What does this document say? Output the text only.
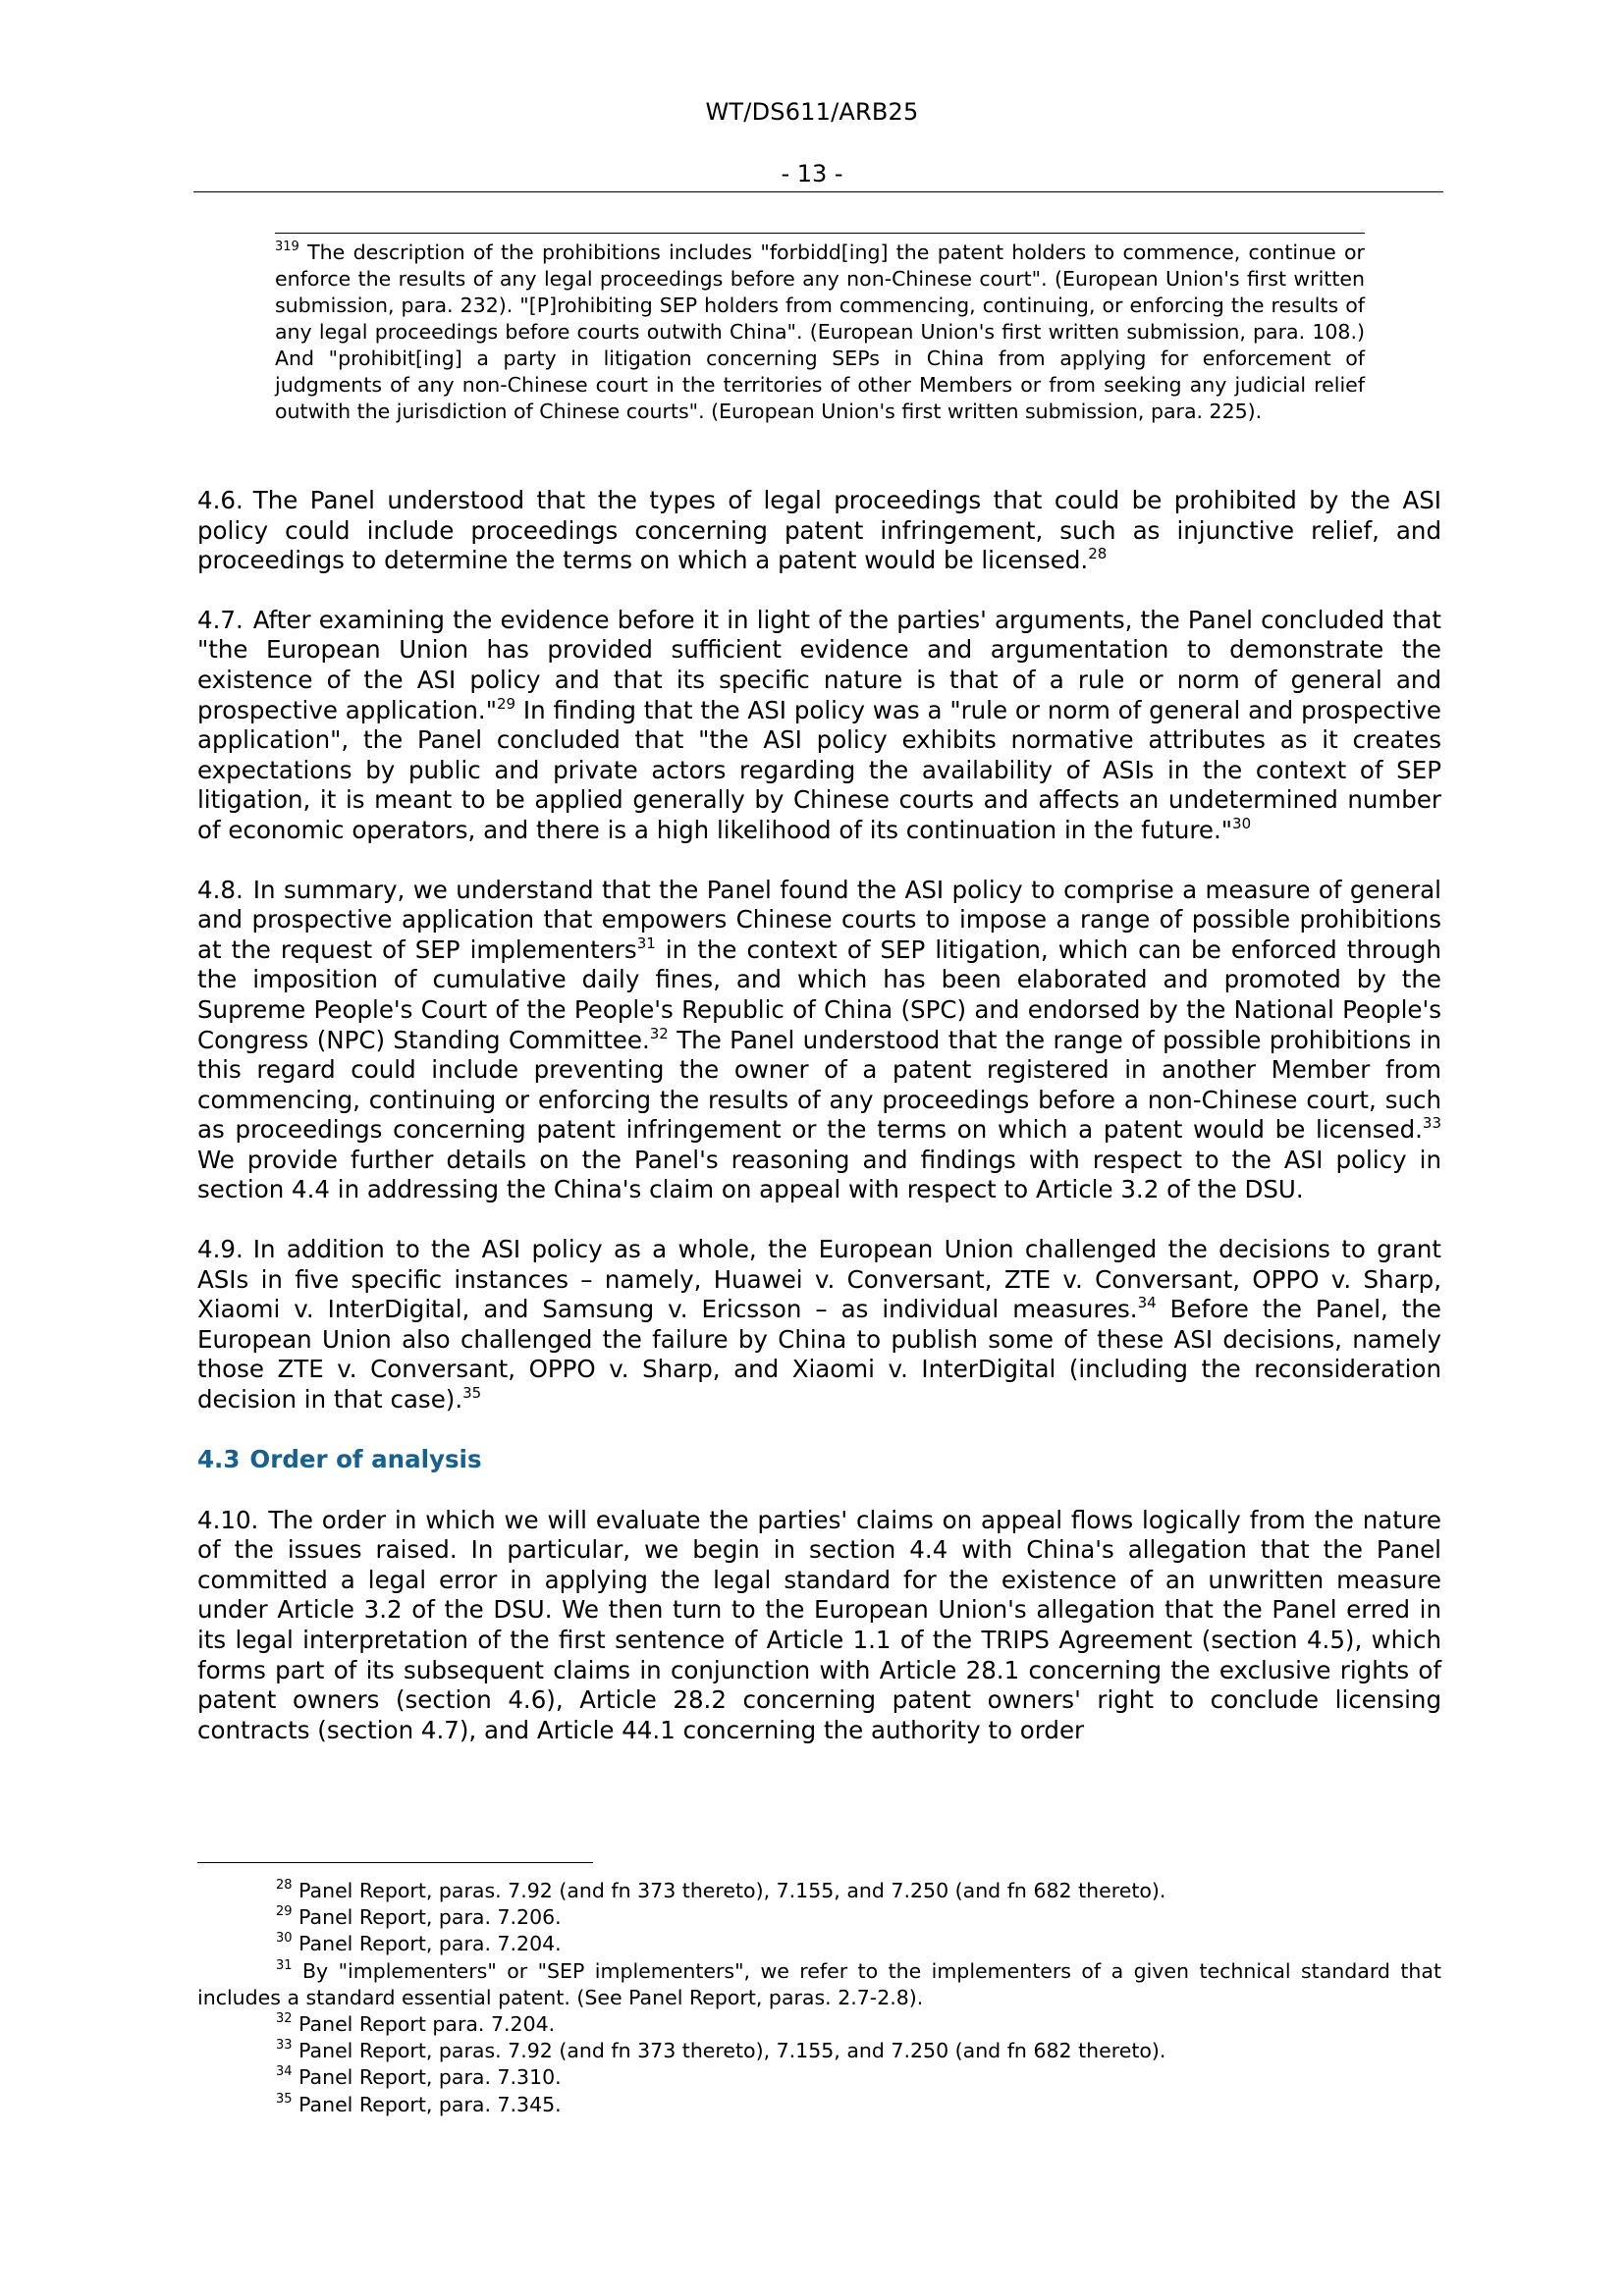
WT/DS611/ARB25
- 13 -
$^{319}$ The description of the prohibitions includes "forbidd[ing] the patent holders to commence, continue or enforce the results of any legal proceedings before any non-Chinese court". (European Union's first written submission, para. 232). "[P]rohibiting SEP holders from commencing, continuing, or enforcing the results of any legal proceedings before courts outwith China". (European Union's first written submission, para. 108.) And "prohibit[ing] a party in litigation concerning SEPs in China from applying for enforcement of judgments of any non-Chinese court in the territories of other Members or from seeking any judicial relief outwith the jurisdiction of Chinese courts". (European Union's first written submission, para. 225).

4.6. The Panel understood that the types of legal proceedings that could be prohibited by the ASI policy could include proceedings concerning patent infringement, such as injunctive relief, and proceedings to determine the terms on which a patent would be licensed.$^{28}$

4.7. After examining the evidence before it in light of the parties' arguments, the Panel concluded that "the European Union has provided sufficient evidence and argumentation to demonstrate the existence of the ASI policy and that its specific nature is that of a rule or norm of general and prospective application."$^{29}$ In finding that the ASI policy was a "rule or norm of general and prospective application", the Panel concluded that "the ASI policy exhibits normative attributes as it creates expectations by public and private actors regarding the availability of ASIs in the context of SEP litigation, it is meant to be applied generally by Chinese courts and affects an undetermined number of economic operators, and there is a high likelihood of its continuation in the future."$^{30}$

4.8. In summary, we understand that the Panel found the ASI policy to comprise a measure of general and prospective application that empowers Chinese courts to impose a range of possible prohibitions at the request of SEP implementers$^{31}$ in the context of SEP litigation, which can be enforced through the imposition of cumulative daily fines, and which has been elaborated and promoted by the Supreme People's Court of the People's Republic of China (SPC) and endorsed by the National People's Congress (NPC) Standing Committee.$^{32}$ The Panel understood that the range of possible prohibitions in this regard could include preventing the owner of a patent registered in another Member from commencing, continuing or enforcing the results of any proceedings before a non-Chinese court, such as proceedings concerning patent infringement or the terms on which a patent would be licensed.$^{33}$ We provide further details on the Panel's reasoning and findings with respect to the ASI policy in section 4.4 in addressing the China's claim on appeal with respect to Article 3.2 of the DSU.

4.9. In addition to the ASI policy as a whole, the European Union challenged the decisions to grant ASIs in five specific instances – namely, Huawei v. Conversant, ZTE v. Conversant, OPPO v. Sharp, Xiaomi v. InterDigital, and Samsung v. Ericsson – as individual measures.$^{34}$ Before the Panel, the European Union also challenged the failure by China to publish some of these ASI decisions, namely those ZTE v. Conversant, OPPO v. Sharp, and Xiaomi v. InterDigital (including the reconsideration decision in that case).$^{35}$

4.3 Order of analysis

4.10. The order in which we will evaluate the parties' claims on appeal flows logically from the nature of the issues raised. In particular, we begin in section 4.4 with China's allegation that the Panel committed a legal error in applying the legal standard for the existence of an unwritten measure under Article 3.2 of the DSU. We then turn to the European Union's allegation that the Panel erred in its legal interpretation of the first sentence of Article 1.1 of the TRIPS Agreement (section 4.5), which forms part of its subsequent claims in conjunction with Article 28.1 concerning the exclusive rights of patent owners (section 4.6), Article 28.2 concerning patent owners' right to conclude licensing contracts (section 4.7), and Article 44.1 concerning the authority to order

$^{28}$ Panel Report, paras. 7.92 (and fn 373 thereto), 7.155, and 7.250 (and fn 682 thereto).
$^{29}$ Panel Report, para. 7.206.
$^{30}$ Panel Report, para. 7.204.
$^{31}$ By "implementers" or "SEP implementers", we refer to the implementers of a given technical standard that includes a standard essential patent. (See Panel Report, paras. 2.7-2.8).
$^{32}$ Panel Report para. 7.204.
$^{33}$ Panel Report, paras. 7.92 (and fn 373 thereto), 7.155, and 7.250 (and fn 682 thereto).
$^{34}$ Panel Report, para. 7.310.
$^{35}$ Panel Report, para. 7.345.
